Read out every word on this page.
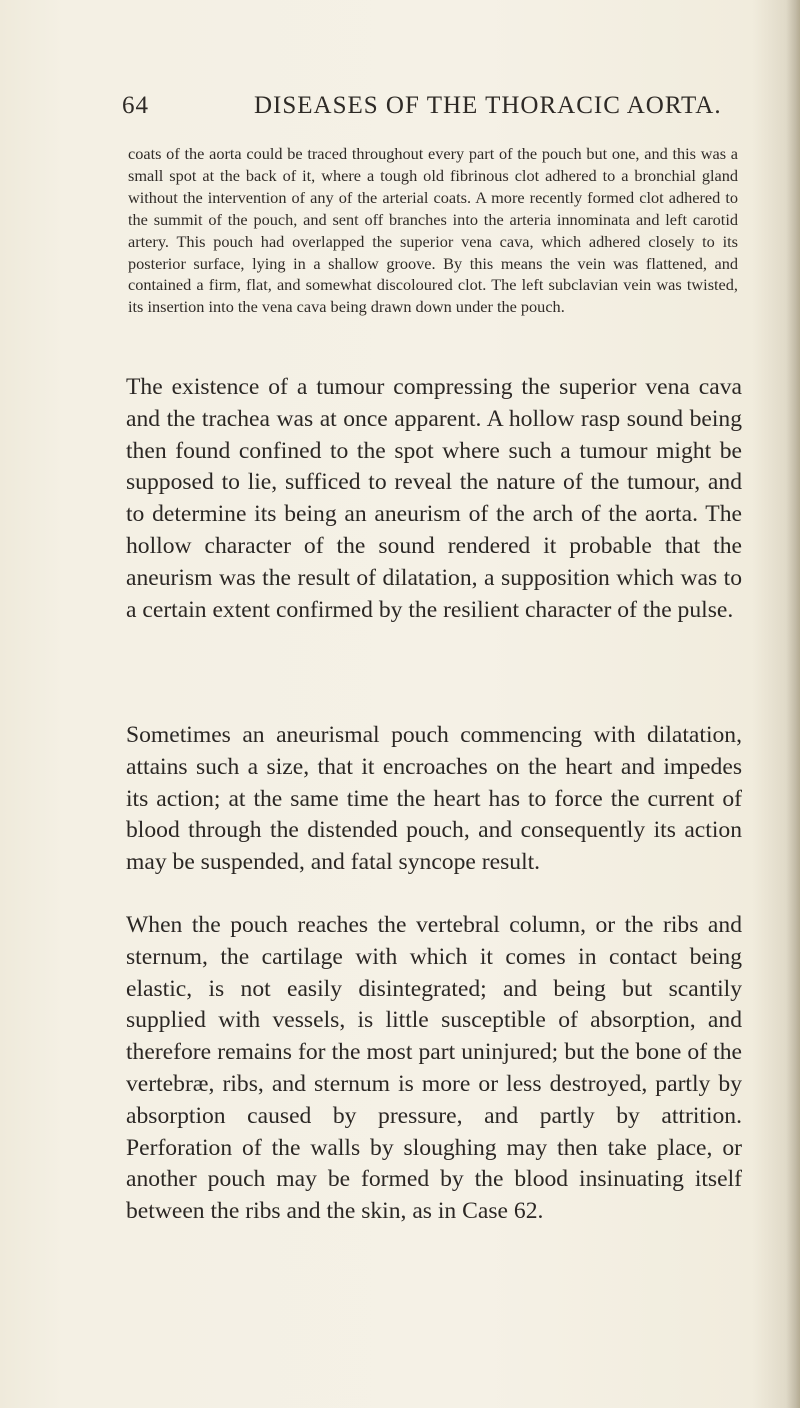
64	DISEASES OF THE THORACIC AORTA.

coats of the aorta could be traced throughout every part of the pouch but one, and this was a small spot at the back of it, where a tough old fibrinous clot adhered to a bronchial gland without the intervention of any of the arterial coats. A more recently formed clot adhered to the summit of the pouch, and sent off branches into the arteria innominata and left carotid artery. This pouch had overlapped the superior vena cava, which adhered closely to its posterior surface, lying in a shallow groove. By this means the vein was flattened, and contained a firm, flat, and somewhat discoloured clot. The left subclavian vein was twisted, its insertion into the vena cava being drawn down under the pouch.

The existence of a tumour compressing the superior vena cava and the trachea was at once apparent. A hollow rasp sound being then found confined to the spot where such a tumour might be supposed to lie, sufficed to reveal the nature of the tumour, and to determine its being an aneurism of the arch of the aorta. The hollow character of the sound rendered it probable that the aneurism was the result of dilatation, a supposition which was to a certain extent confirmed by the resilient character of the pulse.

Sometimes an aneurismal pouch commencing with dilatation, attains such a size, that it encroaches on the heart and impedes its action; at the same time the heart has to force the current of blood through the distended pouch, and consequently its action may be suspended, and fatal syncope result.

When the pouch reaches the vertebral column, or the ribs and sternum, the cartilage with which it comes in contact being elastic, is not easily disintegrated; and being but scantily supplied with vessels, is little susceptible of absorption, and therefore remains for the most part uninjured; but the bone of the vertebræ, ribs, and sternum is more or less destroyed, partly by absorption caused by pressure, and partly by attrition. Perforation of the walls by sloughing may then take place, or another pouch may be formed by the blood insinuating itself between the ribs and the skin, as in Case 62.
